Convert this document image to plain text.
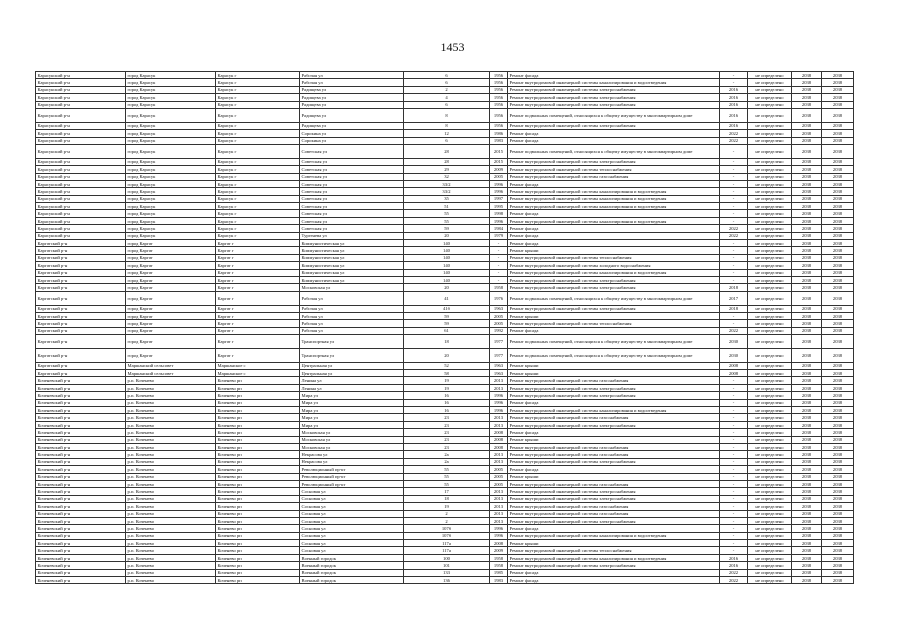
1453
Карасукский р-н	город Карасук	Карасук г	Рабочая ул	6	1956	Ремонт фасада	-	не определено	2038	2038
Карасукский р-н	город Карасук	Карасук г	Рабочая ул	6	1956	Ремонт внутридомовой инженерной системы канализирования и водоотведения	-	не определено	2038	2038
Карасукский р-н	город Карасук	Карасук г	Радищева ул	2	1956	Ремонт внутридомовой инженерной системы электроснабжения	2016	не определено	2038	2038
Карасукский р-н	город Карасук	Карасук г	Радищева ул	4	1956	Ремонт внутридомовой инженерной системы электроснабжения	2016	не определено	2038	2038
Карасукский р-н	город Карасук	Карасук г	Радищева ул	6	1956	Ремонт внутридомовой инженерной системы электроснабжения	2016	не определено	2038	2038
Карасукский р-н	город Карасук	Карасук г	Радищева ул	8	1956	Ремонт подвальных помещений, относящихся к общему имуществу в многоквартирном доме	2016	не определено	2038	2038
Карасукский р-н	город Карасук	Карасук г	Радищева ул	8	1956	Ремонт внутридомовой инженерной системы электроснабжения	2016	не определено	2038	2038
Карасукский р-н	город Карасук	Карасук г	Сорокина ул	12	1986	Ремонт фасада	2022	не определено	2038	2038
Карасукский р-н	город Карасук	Карасук г	Сорокина ул	6	1983	Ремонт фасада	2022	не определено	2038	2038
Карасукский р-н	город Карасук	Карасук г	Советская ул	28	2015	Ремонт подвальных помещений, относящихся к общему имуществу в многоквартирном доме	-	не определено	2038	2038
Карасукский р-н	город Карасук	Карасук г	Советская ул	28	2015	Ремонт внутридомовой инженерной системы электроснабжения	-	не определено	2038	2038
Карасукский р-н	город Карасук	Карасук г	Советская ул	29	2009	Ремонт внутридомовой инженерной системы теплоснабжения	-	не определено	2038	2038
Карасукский р-н	город Карасук	Карасук г	Советская ул	32	2005	Ремонт внутридомовой инженерной системы газоснабжения	-	не определено	2038	2038
Карасукский р-н	город Карасук	Карасук г	Советская ул	33/2	1996	Ремонт фасада	-	не определено	2038	2038
Карасукский р-н	город Карасук	Карасук г	Советская ул	33/2	1996	Ремонт внутридомовой инженерной системы канализирования и водоотведения	-	не определено	2038	2038
Карасукский р-н	город Карасук	Карасук г	Советская ул	35	1997	Ремонт внутридомовой инженерной системы канализирования и водоотведения	-	не определено	2038	2038
Карасукский р-н	город Карасук	Карасук г	Советская ул	51	1995	Ремонт внутридомовой инженерной системы канализирования и водоотведения	-	не определено	2038	2038
Карасукский р-н	город Карасук	Карасук г	Советская ул	55	1998	Ремонт фасада	-	не определено	2038	2038
Карасукский р-н	город Карасук	Карасук г	Советская ул	55	1996	Ремонт внутридомовой инженерной системы канализирования и водоотведения	-	не определено	2038	2038
Карасукский р-н	город Карасук	Карасук г	Советская ул	59	1984	Ремонт фасада	2022	не определено	2038	2038
Карасукский р-н	город Карасук	Карасук г	Тургенева ул	20	1979	Ремонт фасада	2022	не определено	2038	2038
Каргатский р-н	город Каргат	Каргат г	Коммунистическая ул	140	-	Ремонт фасада	-	не определено	2038	2038
Каргатский р-н	город Каргат	Каргат г	Коммунистическая ул	140	-	Ремонт крыши	-	не определено	2038	2038
Каргатский р-н	город Каргат	Каргат г	Коммунистическая ул	140	-	Ремонт внутридомовой инженерной системы теплоснабжения	-	не определено	2038	2038
Каргатский р-н	город Каргат	Каргат г	Коммунистическая ул	140	-	Ремонт внутридомовой инженерной системы холодного водоснабжения	-	не определено	2038	2038
Каргатский р-н	город Каргат	Каргат г	Коммунистическая ул	140	-	Ремонт внутридомовой инженерной системы канализирования и водоотведения	-	не определено	2038	2038
Каргатский р-н	город Каргат	Каргат г	Коммунистическая ул	140	-	Ремонт внутридомовой инженерной системы электроснабжения	-	не определено	2038	2038
Каргатский р-н	город Каргат	Каргат г	Московская ул	20	1958	Ремонт внутридомовой инженерной системы электроснабжения	2018	не определено	2038	2038
Каргатский р-н	город Каргат	Каргат г	Рабочая ул	41	1976	Ремонт подвальных помещений, относящихся к общему имуществу в многоквартирном доме	2017	не определено	2038	2038
Каргатский р-н	город Каргат	Каргат г	Рабочая ул	41б	1963	Ремонт внутридомовой инженерной системы электроснабжения	2018	не определено	2038	2038
Каргатский р-н	город Каргат	Каргат г	Рабочая ул	59	2005	Ремонт крыши	-	не определено	2038	2038
Каргатский р-н	город Каргат	Каргат г	Рабочая ул	59	2005	Ремонт внутридомовой инженерной системы теплоснабжения	-	не определено	2038	2038
Каргатский р-н	город Каргат	Каргат г	Рабочая ул	61	1992	Ремонт фасада	2022	не определено	2038	2038
Каргатский р-н	город Каргат	Каргат г	Транспортная ул	18	1977	Ремонт подвальных помещений, относящихся к общему имуществу в многоквартирном доме	2030	не определено	2038	2038
Каргатский р-н	город Каргат	Каргат г	Транспортная ул	20	1977	Ремонт подвальных помещений, относящихся к общему имуществу в многоквартирном доме	2030	не определено	2038	2038
Каргатский р-н	Маршанский сельсовет	Маршанское с	Центральная ул	52	1963	Ремонт крыши	2008	не определено	2038	2038
Каргатский р-н	Маршанский сельсовет	Маршанское с	Центральная ул	58	1963	Ремонт крыши	2008	не определено	2038	2038
Коченевский р-н	р.п. Коченево	Коченево рп	Ленина ул	19	2013	Ремонт внутридомовой инженерной системы газоснабжения	-	не определено	2038	2038
Коченевский р-н	р.п. Коченево	Коченево рп	Ленина ул	19	2013	Ремонт внутридомовой инженерной системы электроснабжения	-	не определено	2038	2038
Коченевский р-н	р.п. Коченево	Коченево рп	Мира ул	16	1996	Ремонт внутридомовой инженерной системы электроснабжения	-	не определено	2038	2038
Коченевский р-н	р.п. Коченево	Коченево рп	Мира ул	16	1996	Ремонт фасада	-	не определено	2038	2038
Коченевский р-н	р.п. Коченево	Коченево рп	Мира ул	16	1996	Ремонт внутридомовой инженерной системы канализирования и водоотведения	-	не определено	2038	2038
Коченевский р-н	р.п. Коченево	Коченево рп	Мира ул	23	2013	Ремонт внутридомовой инженерной системы газоснабжения	-	не определено	2038	2038
Коченевский р-н	р.п. Коченево	Коченево рп	Мира ул	23	2013	Ремонт внутридомовой инженерной системы электроснабжения	-	не определено	2038	2038
Коченевский р-н	р.п. Коченево	Коченево рп	Московская ул	23	2008	Ремонт фасада	-	не определено	2038	2038
Коченевский р-н	р.п. Коченево	Коченево рп	Московская ул	23	2008	Ремонт крыши	-	не определено	2038	2038
Коченевский р-н	р.п. Коченево	Коченево рп	Московская ул	23	2008	Ремонт внутридомовой инженерной системы газоснабжения	-	не определено	2038	2038
Коченевский р-н	р.п. Коченево	Коченево рп	Некрасова ул	2а	2013	Ремонт внутридомовой инженерной системы газоснабжения	-	не определено	2038	2038
Коченевский р-н	р.п. Коченево	Коченево рп	Некрасова ул	2а	2013	Ремонт внутридомовой инженерной системы электроснабжения	-	не определено	2038	2038
Коченевский р-н	р.п. Коченево	Коченево рп	Революционный пр-кт	55	2005	Ремонт фасада	-	не определено	2038	2038
Коченевский р-н	р.п. Коченево	Коченево рп	Революционный пр-кт	55	2005	Ремонт крыши	-	не определено	2038	2038
Коченевский р-н	р.п. Коченево	Коченево рп	Революционный пр-кт	55	2005	Ремонт внутридомовой инженерной системы газоснабжения	-	не определено	2038	2038
Коченевский р-н	р.п. Коченево	Коченево рп	Сосновая ул	17	2013	Ремонт внутридомовой инженерной системы электроснабжения	-	не определено	2038	2038
Коченевский р-н	р.п. Коченево	Коченево рп	Сосновая ул	18	2013	Ремонт внутридомовой инженерной системы электроснабжения	-	не определено	2038	2038
Коченевский р-н	р.п. Коченево	Коченево рп	Сосновая ул	19	2013	Ремонт внутридомовой инженерной системы газоснабжения	-	не определено	2038	2038
Коченевский р-н	р.п. Коченево	Коченево рп	Сосновая ул	2	2013	Ремонт внутридомовой инженерной системы газоснабжения	-	не определено	2038	2038
Коченевский р-н	р.п. Коченево	Коченево рп	Сосновая ул	2	2013	Ремонт внутридомовой инженерной системы электроснабжения	-	не определено	2038	2038
Коченевский р-н	р.п. Коченево	Коченево рп	Сосновая ул	107б	1996	Ремонт фасада	-	не определено	2038	2038
Коченевский р-н	р.п. Коченево	Коченево рп	Сосновая ул	107б	1996	Ремонт внутридомовой инженерной системы канализирования и водоотведения	-	не определено	2038	2038
Коченевский р-н	р.п. Коченево	Коченево рп	Сосновая ул	117а	2008	Ремонт крыши	-	не определено	2038	2038
Коченевский р-н	р.п. Коченево	Коченево рп	Сосновая ул	117а	2009	Ремонт внутридомовой инженерной системы теплоснабжения	-	не определено	2038	2038
Коченевский р-н	р.п. Коченево	Коченево рп	Военный городок	100	1958	Ремонт внутридомовой инженерной системы канализирования и водоотведения	2016	не определено	2038	2038
Коченевский р-н	р.п. Коченево	Коченево рп	Военный городок	101	1958	Ремонт внутридомовой инженерной системы электроснабжения	2016	не определено	2038	2038
Коченевский р-н	р.п. Коченево	Коченево рп	Военный городок	133	1985	Ремонт фасада	2022	не определено	2038	2038
Коченевский р-н	р.п. Коченево	Коченево рп	Военный городок	136	1983	Ремонт фасада	2022	не определено	2038	2038
